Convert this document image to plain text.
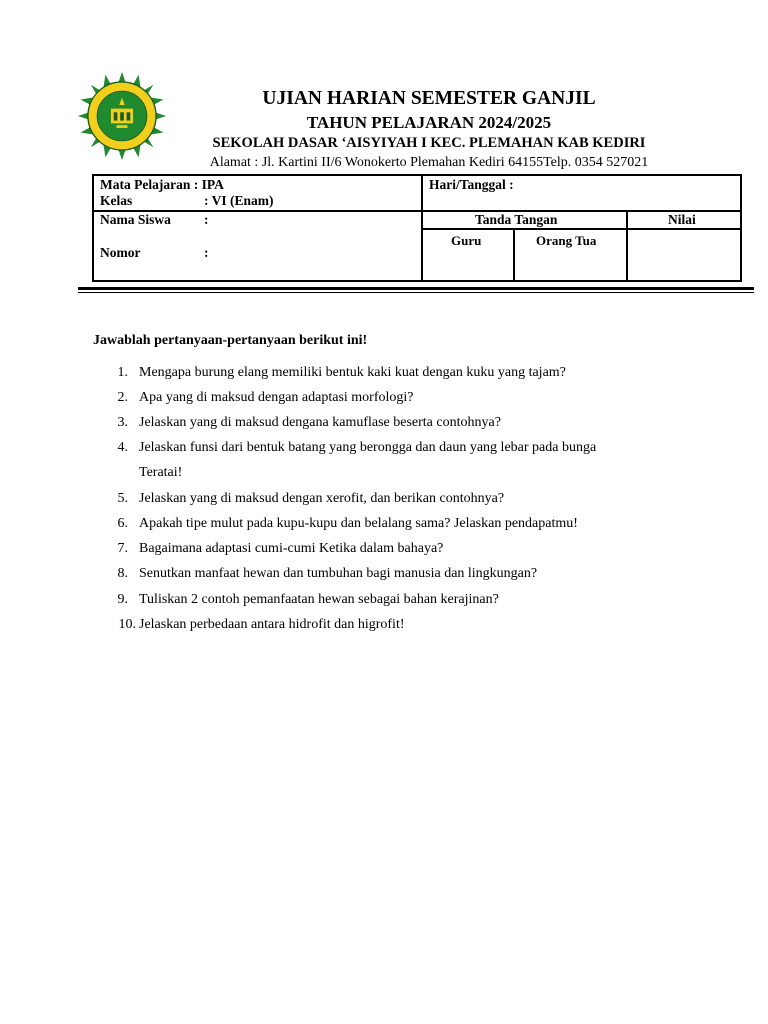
UJIAN HARIAN SEMESTER GANJIL
TAHUN PELAJARAN 2024/2025
SEKOLAH DASAR ‘AISYIYAH I KEC. PLEMAHAN KAB KEDIRI
Alamat : Jl. Kartini II/6 Wonokerto Plemahan Kediri 64155Telp. 0354 527021
Mata Pelajaran : IPA
Kelas	: VI (Enam)
Hari/Tanggal :
Nama Siswa :
Nomor	:
Tanda Tangan	Nilai
Guru	Orang Tua
Jawablah pertanyaan-pertanyaan berikut ini!
1. Mengapa burung elang memiliki bentuk kaki kuat dengan kuku yang tajam?
2. Apa yang di maksud dengan adaptasi morfologi?
3. Jelaskan yang di maksud dengana kamuflase beserta contohnya?
4. Jelaskan funsi dari bentuk batang yang berongga dan daun yang lebar pada bunga
Teratai!
5. Jelaskan yang di maksud dengan xerofit, dan berikan contohnya?
6. Apakah tipe mulut pada kupu-kupu dan belalang sama? Jelaskan pendapatmu!
7. Bagaimana adaptasi cumi-cumi Ketika dalam bahaya?
8. Senutkan manfaat hewan dan tumbuhan bagi manusia dan lingkungan?
9. Tuliskan 2 contoh pemanfaatan hewan sebagai bahan kerajinan?
10. Jelaskan perbedaan antara hidrofit dan higrofit!
